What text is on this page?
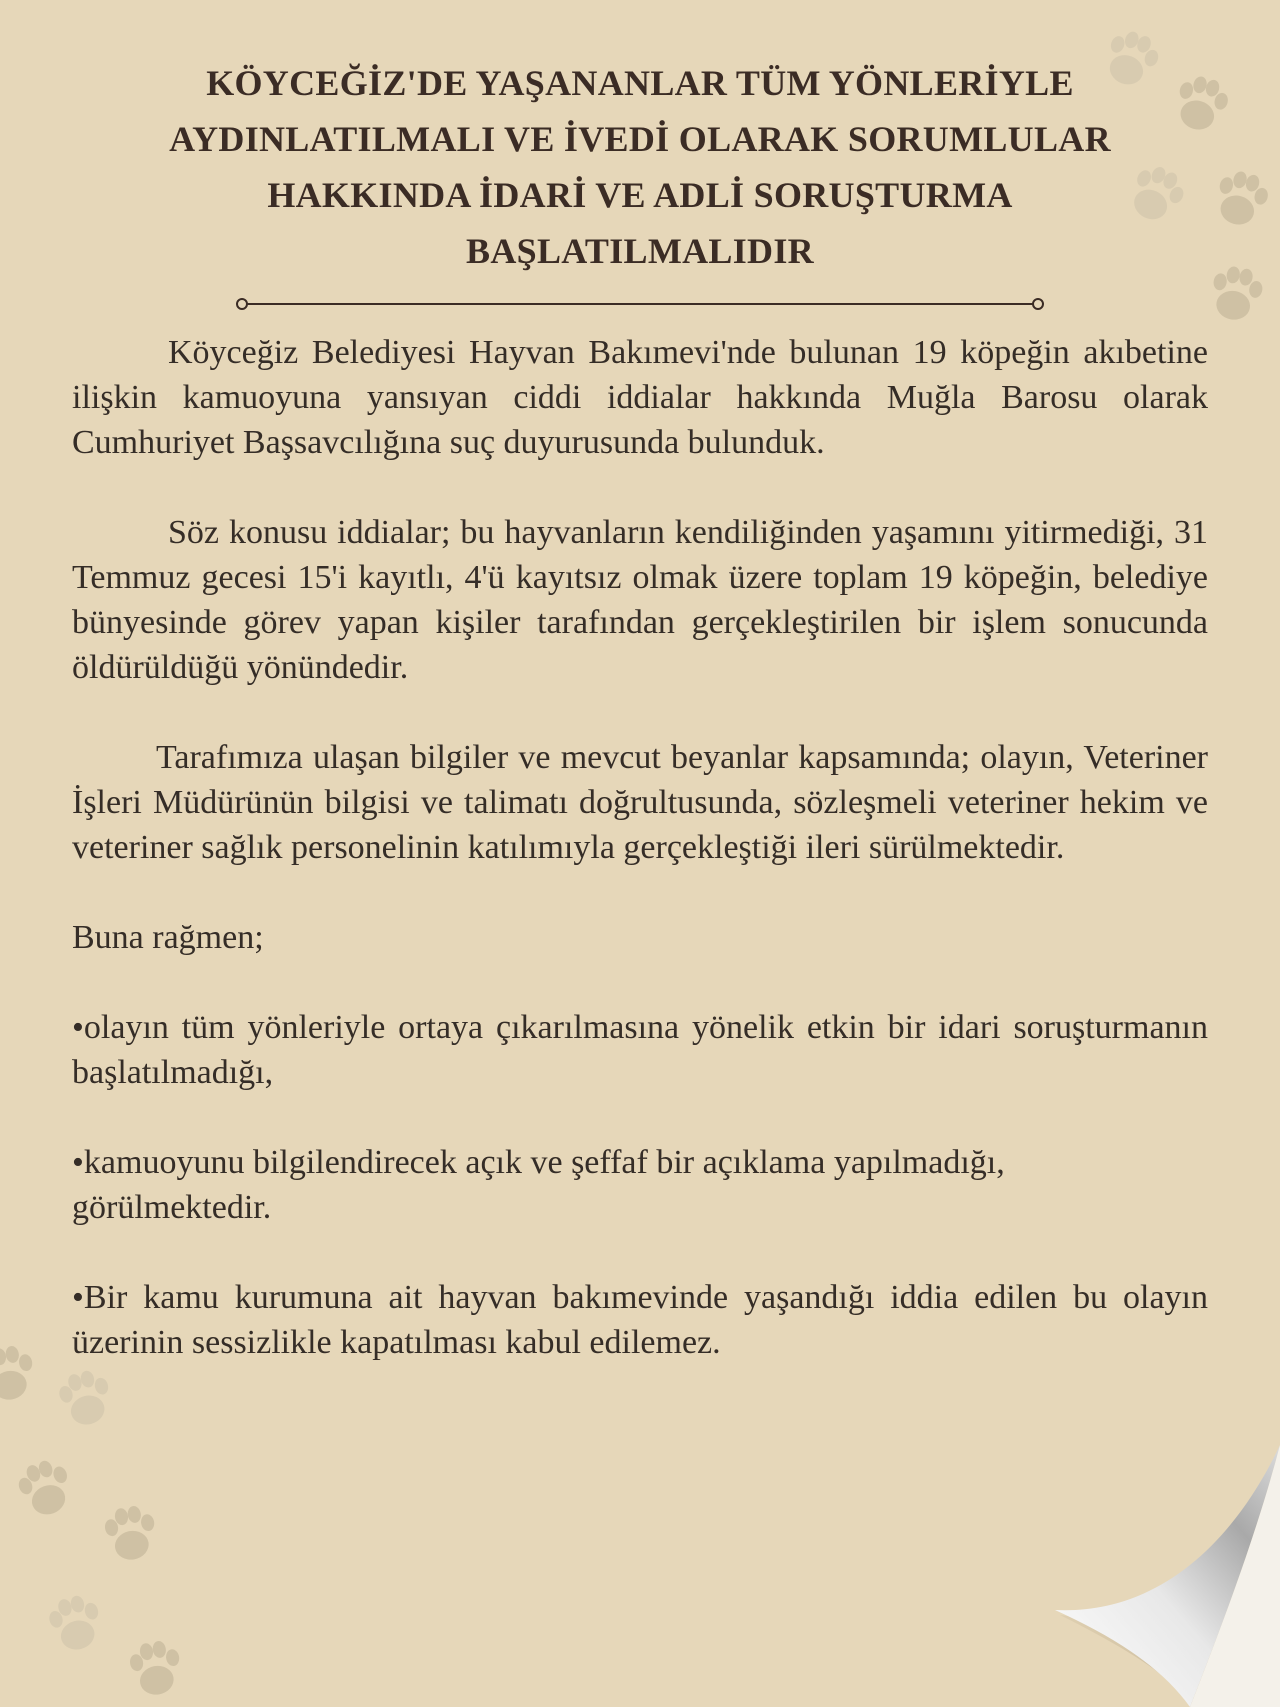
KÖYCEĞİZ'DE YAŞANANLAR TÜM YÖNLERİYLE
AYDINLATILMALI VE İVEDİ OLARAK SORUMLULAR
HAKKINDA İDARİ VE ADLİ SORUŞTURMA
BAŞLATILMALIDIR

Köyceğiz Belediyesi Hayvan Bakımevi'nde bulunan 19 köpeğin akıbetine ilişkin kamuoyuna yansıyan ciddi iddialar hakkında Muğla Barosu olarak Cumhuriyet Başsavcılığına suç duyurusunda bulunduk.

Söz konusu iddialar; bu hayvanların kendiliğinden yaşamını yitirmediği, 31 Temmuz gecesi 15'i kayıtlı, 4'ü kayıtsız olmak üzere toplam 19 köpeğin, belediye bünyesinde görev yapan kişiler tarafından gerçekleştirilen bir işlem sonucunda öldürüldüğü yönündedir.

Tarafımıza ulaşan bilgiler ve mevcut beyanlar kapsamında; olayın, Veteriner İşleri Müdürünün bilgisi ve talimatı doğrultusunda, sözleşmeli veteriner hekim ve veteriner sağlık personelinin katılımıyla gerçekleştiği ileri sürülmektedir.

Buna rağmen;

•olayın tüm yönleriyle ortaya çıkarılmasına yönelik etkin bir idari soruşturmanın başlatılmadığı,

•kamuoyunu bilgilendirecek açık ve şeffaf bir açıklama yapılmadığı, görülmektedir.

•Bir kamu kurumuna ait hayvan bakımevinde yaşandığı iddia edilen bu olayın üzerinin sessizlikle kapatılması kabul edilemez.
